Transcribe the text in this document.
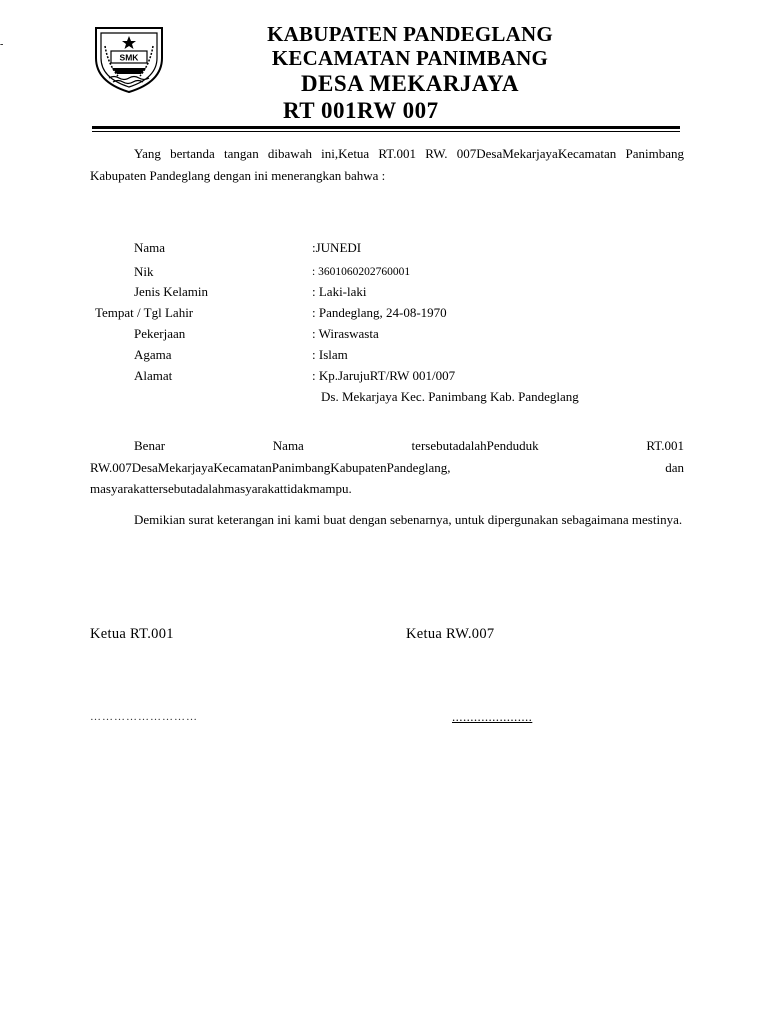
-
SMK
KABUPATEN PANDEGLANG
KECAMATAN PANIMBANG
DESA MEKARJAYA
RT 001RW 007
Yang bertanda tangan dibawah ini,Ketua RT.001 RW. 007DesaMekarjayaKecamatan Panimbang Kabupaten Pandeglang dengan ini menerangkan bahwa :
Nama	:JUNEDI
Nik	: 3601060202760001
Jenis Kelamin	: Laki-laki
Tempat / Tgl Lahir	: Pandeglang, 24-08-1970
Pekerjaan	: Wiraswasta
Agama	: Islam
Alamat	: Kp.JarujuRT/RW 001/007
Ds. Mekarjaya Kec. Panimbang Kab. Pandeglang
Benar Nama tersebutadalahPenduduk RT.001 RW.007DesaMekarjayaKecamatanPanimbangKabupatenPandeglang, dan masyarakattersebutadalahmasyarakattidakmampu.
Demikian surat keterangan ini kami buat dengan sebenarnya, untuk dipergunakan sebagaimana mestinya.
Ketua RT.001	Ketua RW.007
………………………	......................
